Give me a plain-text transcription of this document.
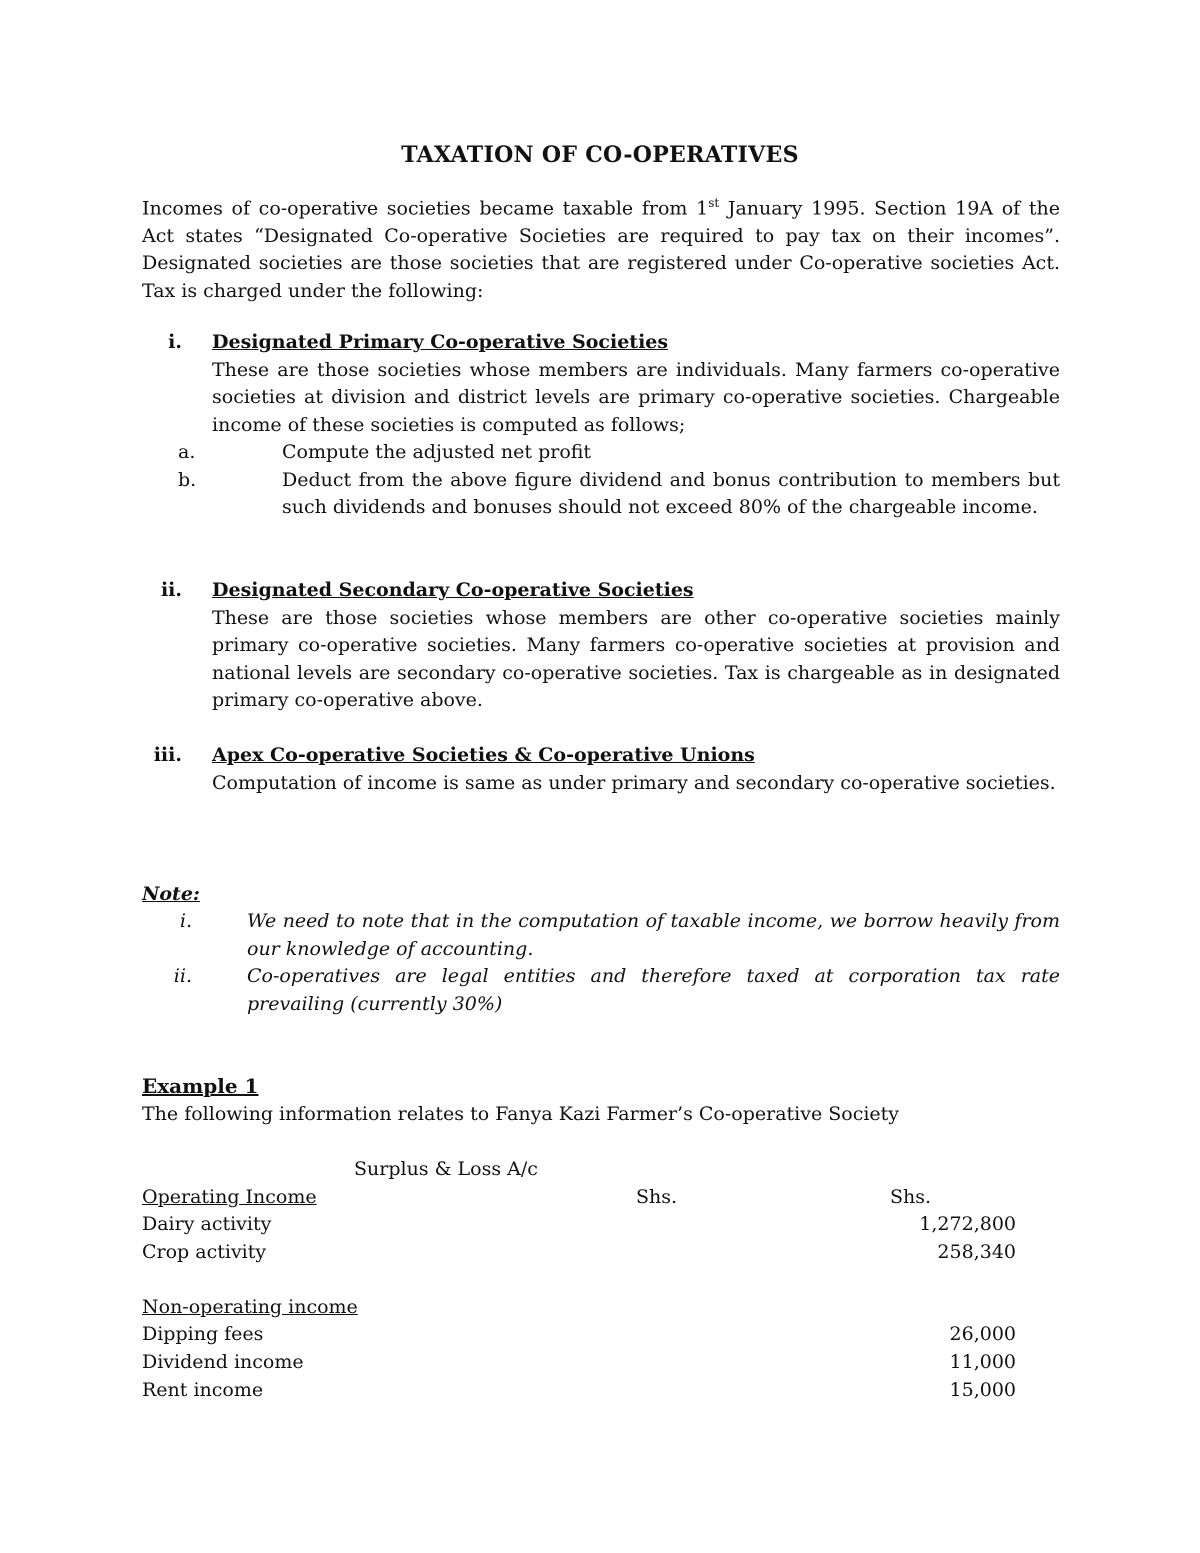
TAXATION OF CO-OPERATIVES

Incomes of co-operative societies became taxable from 1st January 1995. Section 19A of the Act states “Designated Co-operative Societies are required to pay tax on their incomes”. Designated societies are those societies that are registered under Co-operative societies Act. Tax is charged under the following:

i. Designated Primary Co-operative Societies
These are those societies whose members are individuals. Many farmers co-operative societies at division and district levels are primary co-operative societies. Chargeable income of these societies is computed as follows;
a.	Compute the adjusted net profit
b.	Deduct from the above figure dividend and bonus contribution to members but such dividends and bonuses should not exceed 80% of the chargeable income.
ii. Designated Secondary Co-operative Societies
These are those societies whose members are other co-operative societies mainly primary co-operative societies. Many farmers co-operative societies at provision and national levels are secondary co-operative societies. Tax is chargeable as in designated primary co-operative above.
iii. Apex Co-operative Societies & Co-operative Unions
Computation of income is same as under primary and secondary co-operative societies.
Note:
i.	We need to note that in the computation of taxable income, we borrow heavily from our knowledge of accounting.
ii.	Co-operatives are legal entities and therefore taxed at corporation tax rate prevailing (currently 30%)
Example 1
The following information relates to Fanya Kazi Farmer’s Co-operative Society
Surplus & Loss A/c
Operating Income	Shs.	Shs.
Dairy activity	1,272,800
Crop activity	258,340
Non-operating income
Dipping fees	26,000
Dividend income	11,000
Rent income	15,000
